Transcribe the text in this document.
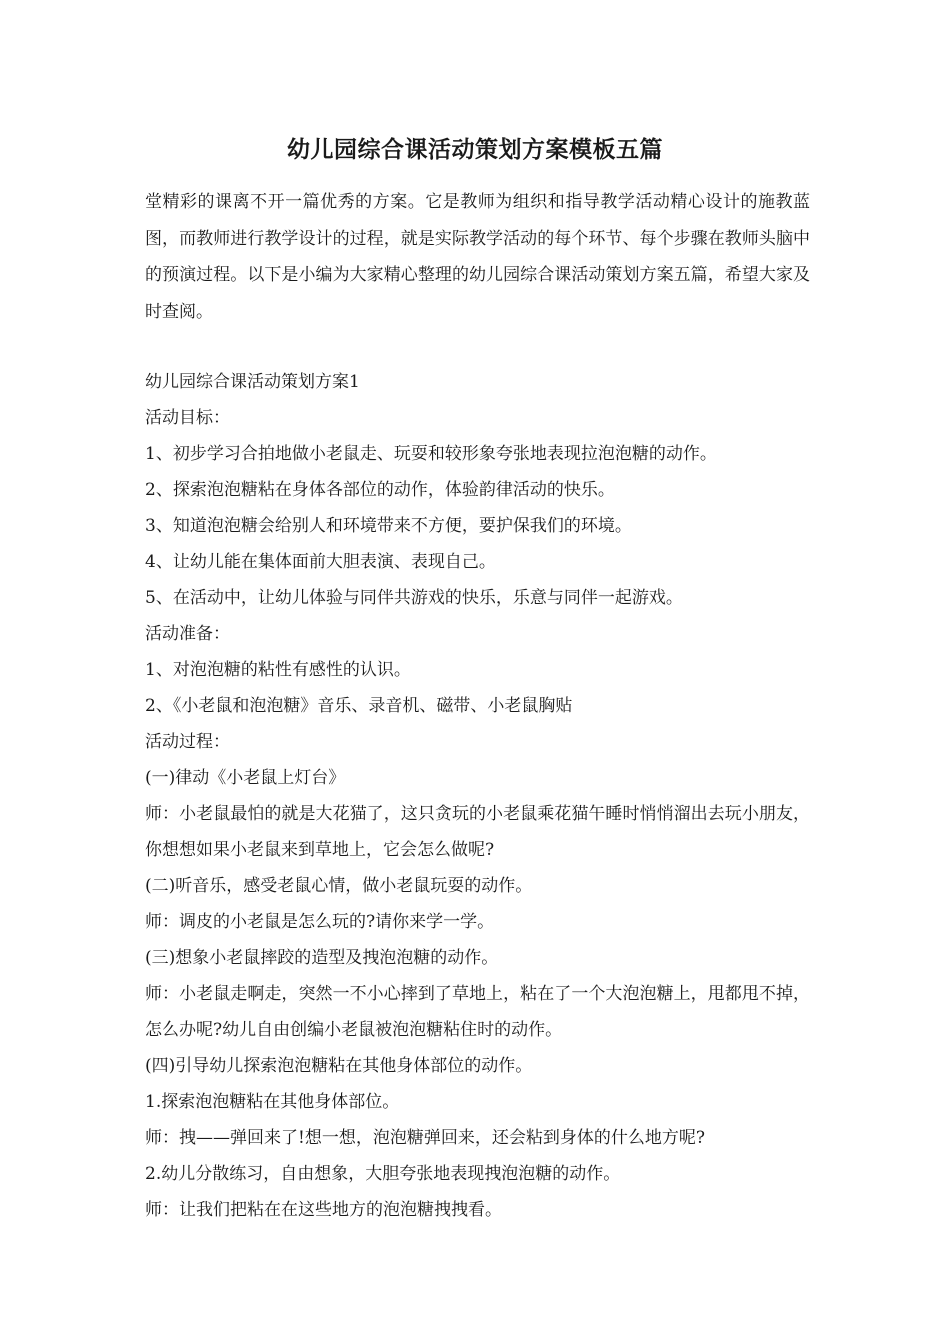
幼儿园综合课活动策划方案模板五篇
堂精彩的课离不开一篇优秀的方案。它是教师为组织和指导教学活动精心设计的施教蓝图，而教师进行教学设计的过程，就是实际教学活动的每个环节、每个步骤在教师头脑中的预演过程。以下是小编为大家精心整理的幼儿园综合课活动策划方案五篇，希望大家及时查阅。
幼儿园综合课活动策划方案1
活动目标：
1、初步学习合拍地做小老鼠走、玩耍和较形象夸张地表现拉泡泡糖的动作。
2、探索泡泡糖粘在身体各部位的动作，体验韵律活动的快乐。
3、知道泡泡糖会给别人和环境带来不方便，要护保我们的环境。
4、让幼儿能在集体面前大胆表演、表现自己。
5、在活动中，让幼儿体验与同伴共游戏的快乐，乐意与同伴一起游戏。
活动准备：
1、对泡泡糖的粘性有感性的认识。
2、《小老鼠和泡泡糖》音乐、录音机、磁带、小老鼠胸贴
活动过程：
(一)律动《小老鼠上灯台》
师：小老鼠最怕的就是大花猫了，这只贪玩的小老鼠乘花猫午睡时悄悄溜出去玩小朋友，你想想如果小老鼠来到草地上，它会怎么做呢?
(二)听音乐，感受老鼠心情，做小老鼠玩耍的动作。
师：调皮的小老鼠是怎么玩的?请你来学一学。
(三)想象小老鼠摔跤的造型及拽泡泡糖的动作。
师：小老鼠走啊走，突然一不小心摔到了草地上，粘在了一个大泡泡糖上，甩都甩不掉，怎么办呢?幼儿自由创编小老鼠被泡泡糖粘住时的动作。
(四)引导幼儿探索泡泡糖粘在其他身体部位的动作。
1.探索泡泡糖粘在其他身体部位。
师：拽——弹回来了!想一想，泡泡糖弹回来，还会粘到身体的什么地方呢?
2.幼儿分散练习，自由想象，大胆夸张地表现拽泡泡糖的动作。
师：让我们把粘在在这些地方的泡泡糖拽拽看。
